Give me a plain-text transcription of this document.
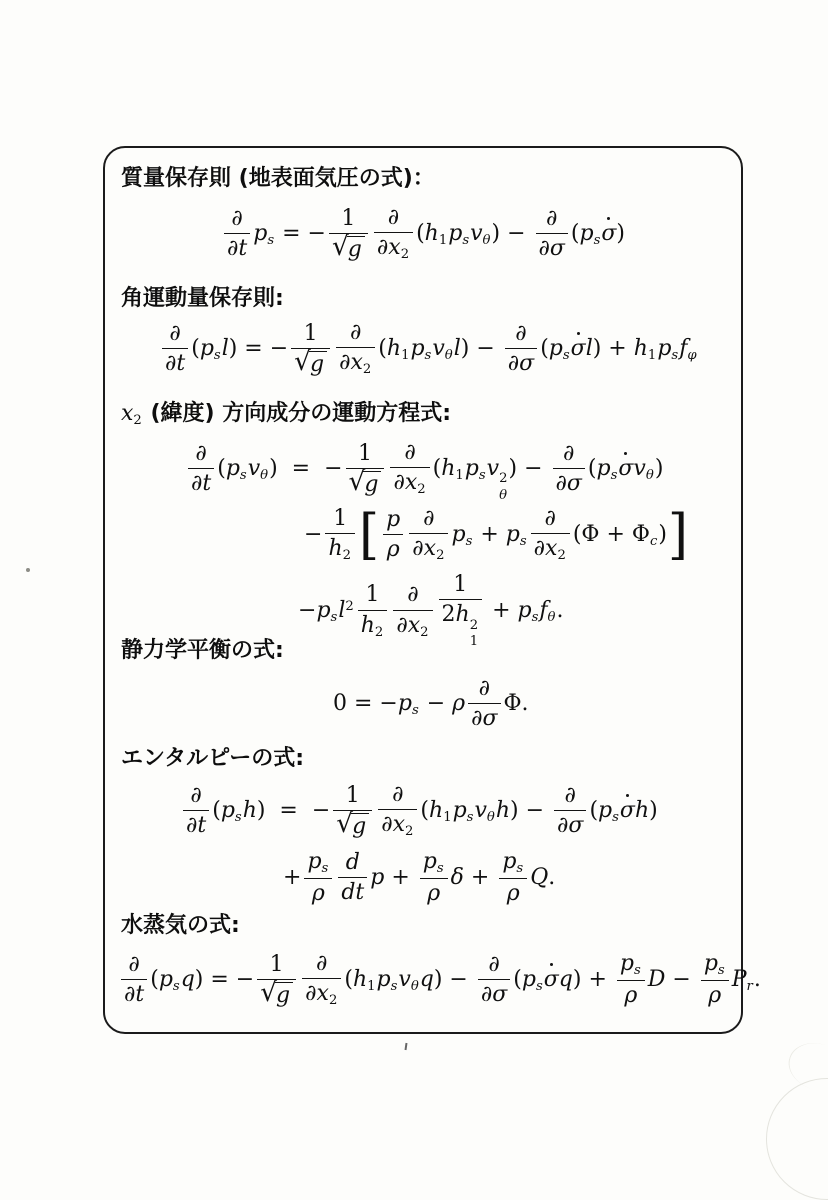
質量保存則 (地表面気圧の式)：
∂
∂t
ps = − $\frac{1}{√g}$ ∂
∂x2
(h1psvθ) −
∂
∂σ
(ps σ )
角運動量保存則:
∂
∂t
(psl) = − $\frac{1}{√g}$ ∂
∂x2
(h1psvθl) −
∂
∂σ
(ps σ l) + h1psfφ
x2 (緯度) 方向成分の運動方程式:
∂
∂t
(psvθ)  =  − $\frac{1}{√g}$ ∂
∂x2
(h1psv 2
θ
) −
∂
∂σ
(ps σ vθ)
− $\frac{1}{h2}$ [ $\frac{p}{\rho}$ ∂
∂x2
ps + ps
∂
∂x2
(Φ + Φc)]
$-psl^2 \frac{1}{h2}$ ∂
∂x2 1
2h 2
1 + psfθ.
静力学平衡の式:
0 = −ps − ρ
∂
∂σ
Φ.
エンタルピーの式:
∂
∂t
(psh)  =  − $\frac{1}{√g}$ ∂
∂x2
(h1psvθh) −
∂
∂σ
(ps σ h)
+ $\frac{ps}{\rho} \frac{d}{dt}$ $p + \frac{ps}{\rho}$ $\delta + \frac{ps}{\rho} Q$.
水蒸気の式:
∂
∂t
(psq) = − $\frac{1}{√g}$ ∂
∂x2
(h1psvθq) −
∂
∂σ
(ps σ $q) + \frac{ps}{\rho}$ $D - \frac{ps}{\rho} Pr$.
